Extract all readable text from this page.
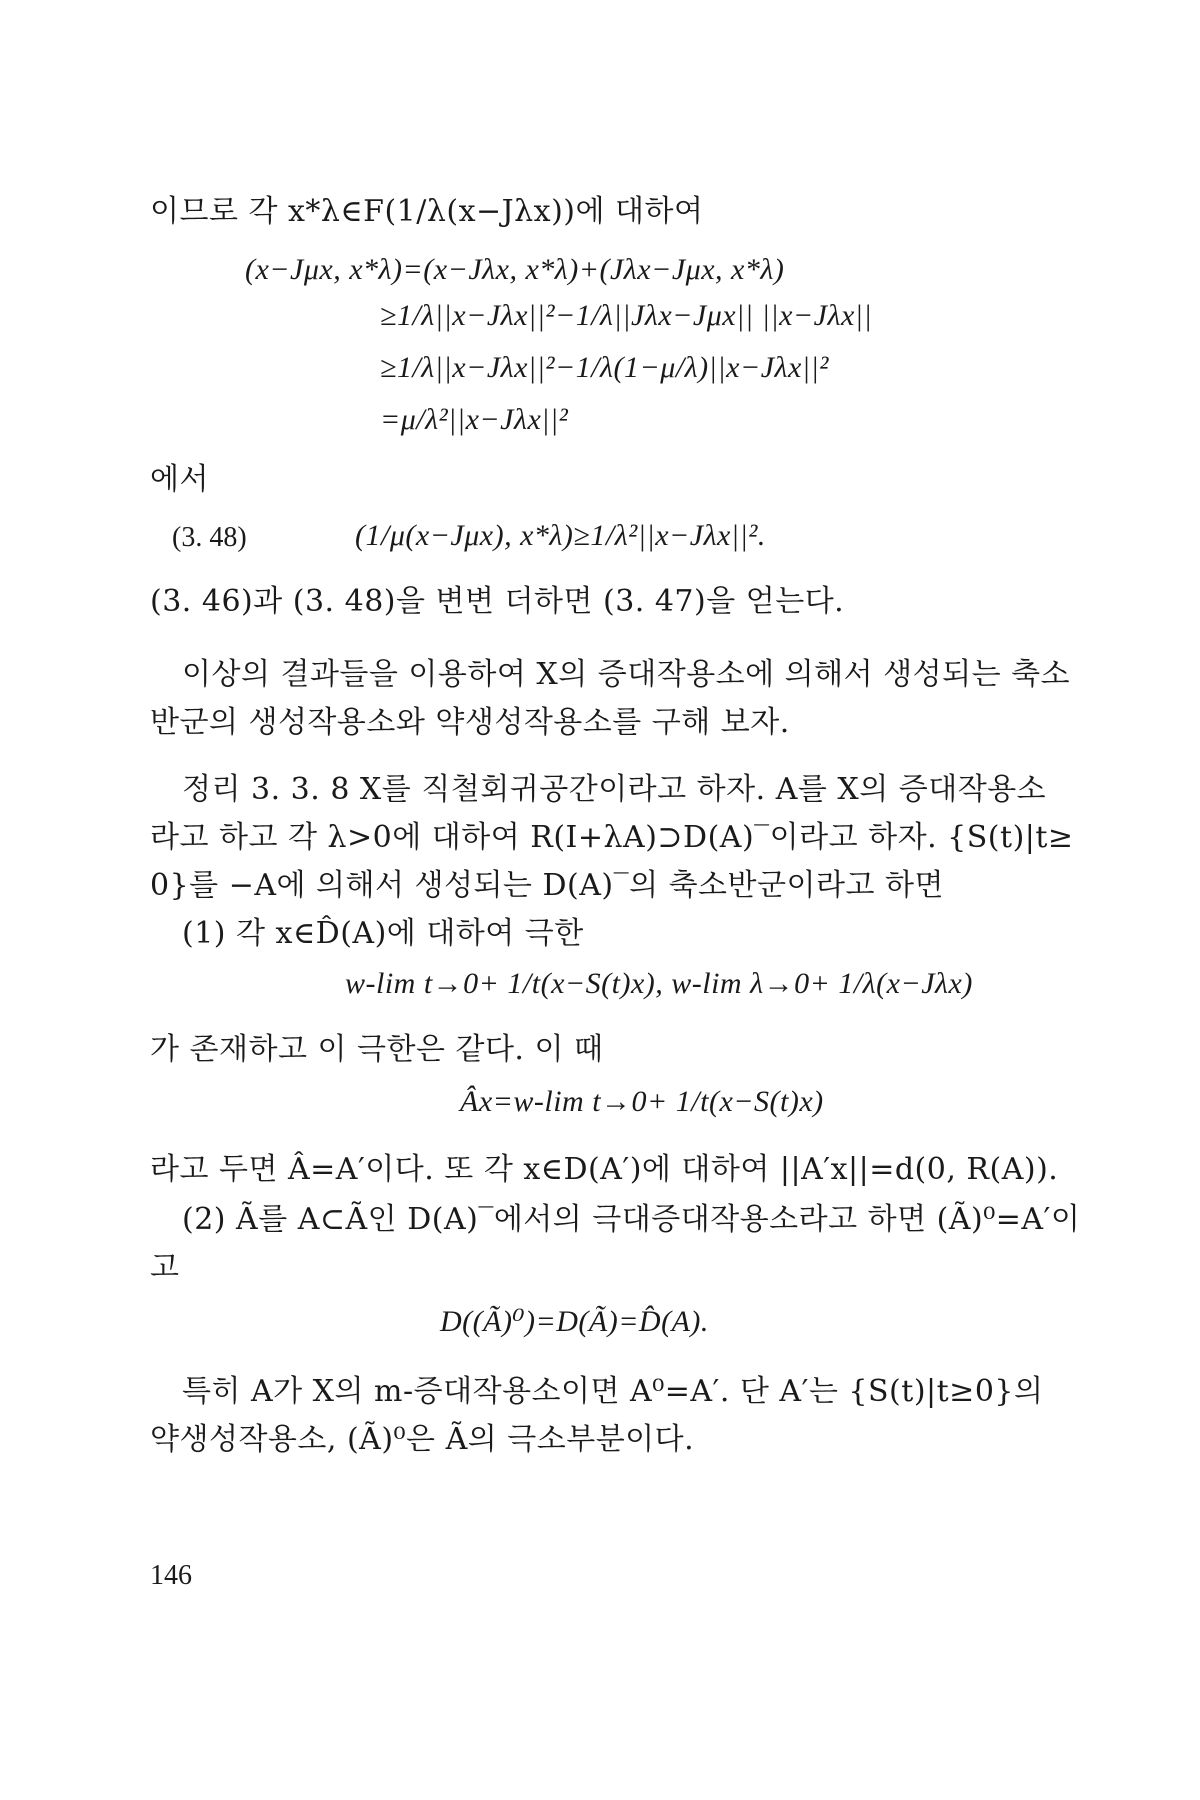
이므로 각 x*λ∈F(1/λ(x−Jλx))에 대하여
(x−Jμx, x*λ)=(x−Jλx, x*λ)+(Jλx−Jμx, x*λ)
≥1/λ||x−Jλx||²−1/λ||Jλx−Jμx|| ||x−Jλx||
≥1/λ||x−Jλx||²−1/λ(1−μ/λ)||x−Jλx||²
=μ/λ²||x−Jλx||²
에서
(3. 48)	(1/μ(x−Jμx), x*λ)≥1/λ²||x−Jλx||².
(3. 46)과 (3. 48)을 변변 더하면 (3. 47)을 얻는다.
이상의 결과들을 이용하여 X의 증대작용소에 의해서 생성되는 축소
반군의 생성작용소와 약생성작용소를 구해 보자.
정리 3. 3. 8 X를 직철회귀공간이라고 하자. A를 X의 증대작용소
라고 하고 각 λ>0에 대하여 R(I+λA)⊃D(A)‾이라고 하자. {S(t)|t≥
0}를 −A에 의해서 생성되는 D(A)‾의 축소반군이라고 하면
(1) 각 x∈D̂(A)에 대하여 극한
w-lim t→0+ 1/t(x−S(t)x), w-lim λ→0+ 1/λ(x−Jλx)
가 존재하고 이 극한은 같다. 이 때
Âx=w-lim t→0+ 1/t(x−S(t)x)
라고 두면 Â=A′이다. 또 각 x∈D(A′)에 대하여 ||A′x||=d(0, R(A)).
(2) Ã를 A⊂Ã인 D(A)‾에서의 극대증대작용소라고 하면 (Ã)⁰=A′이
고
D((Ã)⁰)=D(Ã)=D̂(A).
특히 A가 X의 m-증대작용소이면 A⁰=A′. 단 A′는 {S(t)|t≥0}의
약생성작용소, (Ã)⁰은 Ã의 극소부분이다.
146
